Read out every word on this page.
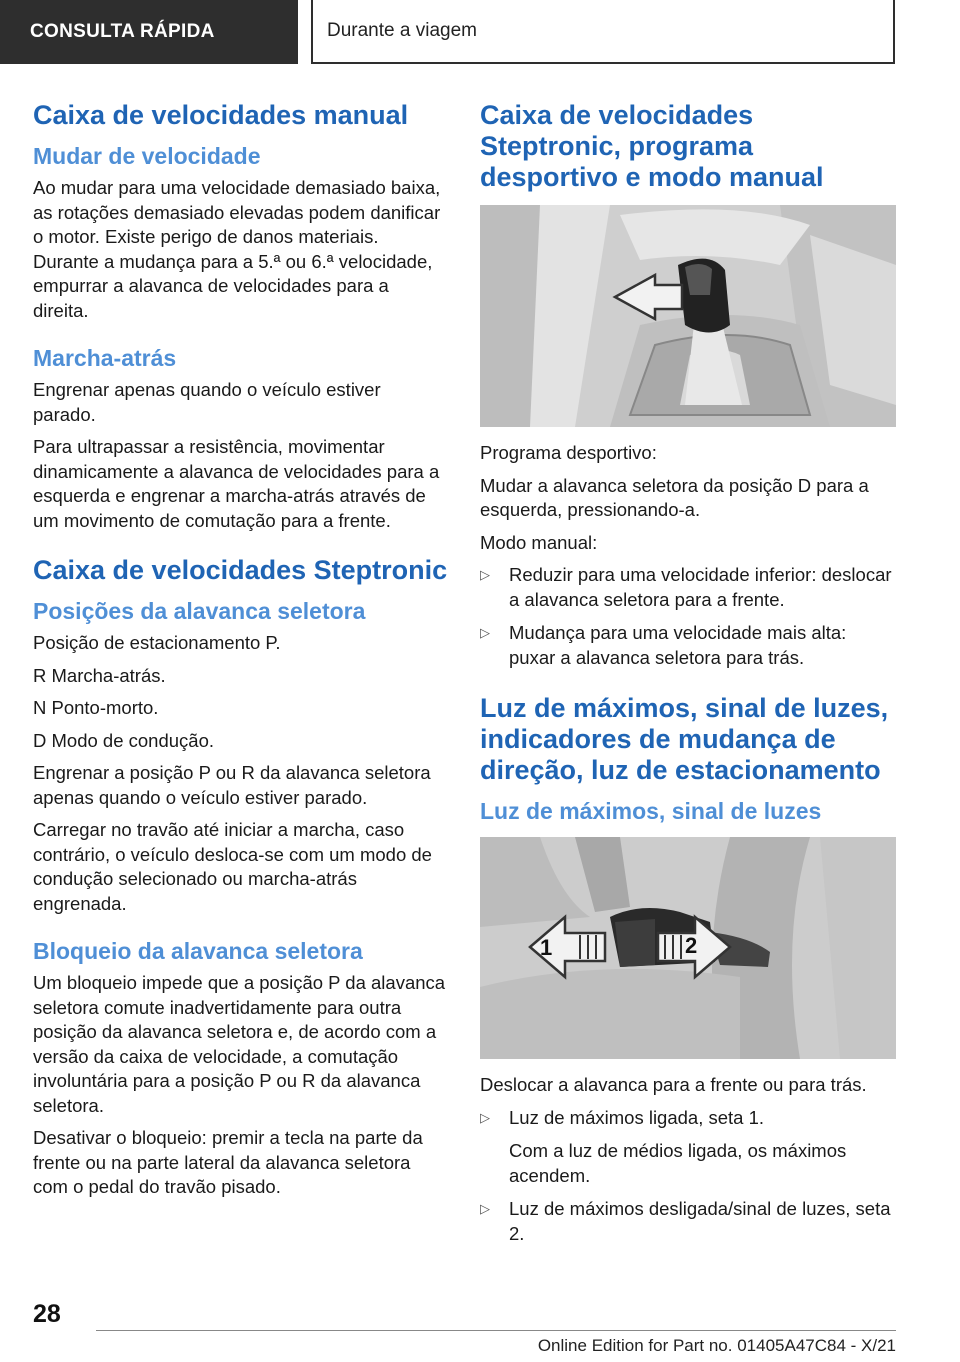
CONSULTA RÁPIDA	Durante a viagem
Caixa de velocidades manual
Mudar de velocidade

Ao mudar para uma velocidade demasiado baixa, as rotações demasiado elevadas podem danificar o motor. Existe perigo de danos materiais. Durante a mudança para a 5.ª ou 6.ª velocidade, empurrar a alavanca de velocidades para a direita.

Marcha-atrás

Engrenar apenas quando o veículo estiver parado.

Para ultrapassar a resistência, movimentar dinamicamente a alavanca de velocidades para a esquerda e engrenar a marcha-atrás através de um movimento de comutação para a frente.

Caixa de velocidades Steptronic
Posições da alavanca seletora

Posição de estacionamento P.

R Marcha-atrás.

N Ponto-morto.

D Modo de condução.

Engrenar a posição P ou R da alavanca seletora apenas quando o veículo estiver parado.

Carregar no travão até iniciar a marcha, caso contrário, o veículo desloca-se com um modo de condução selecionado ou marcha-atrás engrenada.

Bloqueio da alavanca seletora

Um bloqueio impede que a posição P da alavanca seletora comute inadvertidamente para outra posição da alavanca seletora e, de acordo com a versão da caixa de velocidade, a comutação involuntária para a posição P ou R da alavanca seletora.

Desativar o bloqueio: premir a tecla na parte da frente ou na parte lateral da alavanca seletora com o pedal do travão pisado.

Caixa de velocidades Steptronic, programa desportivo e modo manual

Programa desportivo:

Mudar a alavanca seletora da posição D para a esquerda, pressionando-a.

Modo manual:

▷	Reduzir para uma velocidade inferior: deslocar a alavanca seletora para a frente.
▷	Mudança para uma velocidade mais alta: puxar a alavanca seletora para trás.
Luz de máximos, sinal de luzes, indicadores de mudança de direção, luz de estacionamento
Luz de máximos, sinal de luzes
1	2

Deslocar a alavanca para a frente ou para trás.

▷	Luz de máximos ligada, seta 1.
Com a luz de médios ligada, os máximos acendem.
▷	Luz de máximos desligada/sinal de luzes, seta 2.
28
Online Edition for Part no. 01405A47C84 - X/21
